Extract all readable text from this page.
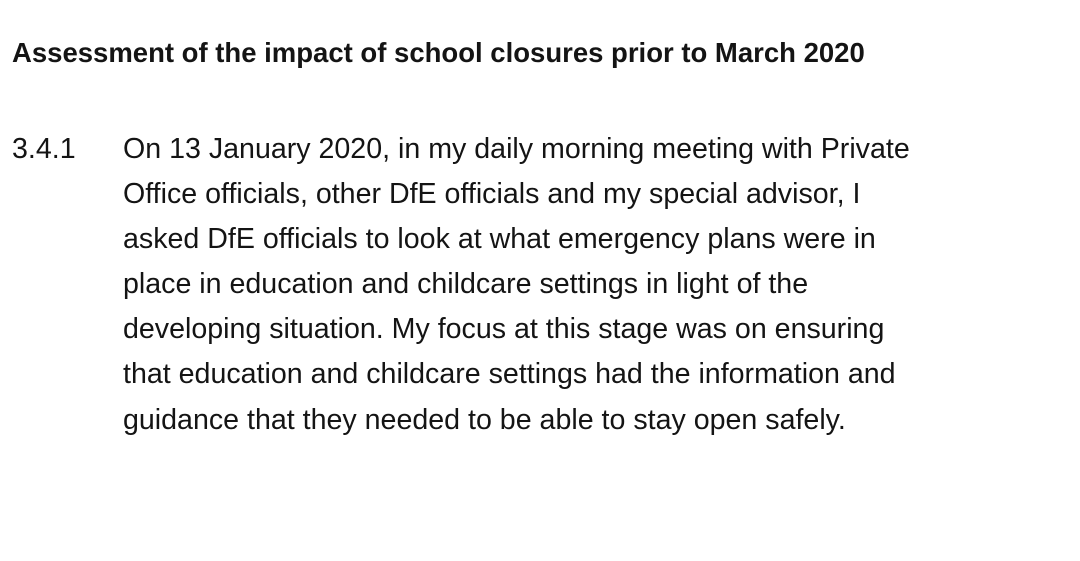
Assessment of the impact of school closures prior to March 2020
3.4.1 On 13 January 2020, in my daily morning meeting with Private
Office officials, other DfE officials and my special advisor, I
asked DfE officials to look at what emergency plans were in
place in education and childcare settings in light of the
developing situation. My focus at this stage was on ensuring
that education and childcare settings had the information and
guidance that they needed to be able to stay open safely.
